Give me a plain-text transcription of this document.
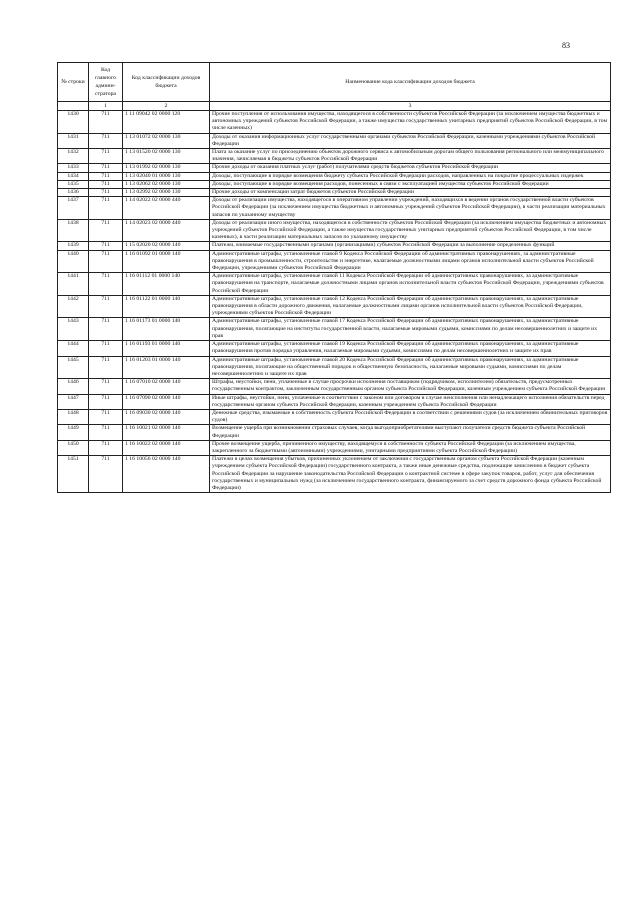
83
№ строки	Код главного админи-стратора	Код классификации доходов бюджета	Наименование кода классификации доходов бюджета
	1	2	3
1430	711	1 11 09042 02 0000 120	Прочие поступления от использования имущества, находящегося в собственности субъектов Российской Федерации (за исключением имущества бюджетных и автономных учреждений субъектов Российской Федерации, а также имущества государственных унитарных предприятий субъектов Российской Федерации, в том числе казенных)
1431	711	1 13 01072 02 0000 130	Доходы от оказания информационных услуг государственными органами субъектов Российской Федерации, казенными учреждениями субъектов Российской Федерации
1432	711	1 13 01520 02 0000 130	Плата за оказание услуг по присоединению объектов дорожного сервиса к автомобильным дорогам общего пользования регионального или межмуниципального значения, зачисляемая в бюджеты субъектов Российской Федерации
1433	711	1 13 01992 02 0000 130	Прочие доходы от оказания платных услуг (работ) получателями средств бюджетов субъектов Российской Федерации
1434	711	1 13 02040 01 0000 130	Доходы, поступающие в порядке возмещения бюджету субъекта Российской Федерации расходов, направленных на покрытие процессуальных издержек
1435	711	1 13 02062 02 0000 130	Доходы, поступающие в порядке возмещения расходов, понесенных в связи с эксплуатацией имущества субъектов Российской Федерации
1436	711	1 13 02992 02 0000 130	Прочие доходы от компенсации затрат бюджетов субъектов Российской Федерации
1437	711	1 14 02022 02 0000 440	Доходы от реализации имущества, находящегося в оперативном управлении учреждений, находящихся в ведении органов государственной власти субъектов Российской Федерации (за исключением имущества бюджетных и автономных учреждений субъектов Российской Федерации), в части реализации материальных запасов по указанному имуществу
1438	711	1 14 02023 02 0000 440	Доходы от реализации иного имущества, находящегося в собственности субъектов Российской Федерации (за исключением имущества бюджетных и автономных учреждений субъектов Российской Федерации, а также имущества государственных унитарных предприятий субъектов Российской Федерации, в том числе казенных), в части реализации материальных запасов по указанному имуществу
1439	711	1 15 02020 02 0000 140	Платежи, взимаемые государственными органами (организациями) субъектов Российской Федерации за выполнение определенных функций
1440	711	1 16 01092 01 0000 140	Административные штрафы, установленные главой 9 Кодекса Российской Федерации об административных правонарушениях, за административные правонарушения в промышленности, строительстве и энергетике, налагаемые должностными лицами органов исполнительной власти субъектов Российской Федерации, учреждениями субъектов Российской Федерации
1441	711	1 16 01112 01 0000 140	Административные штрафы, установленные главой 11 Кодекса Российской Федерации об административных правонарушениях, за административные правонарушения на транспорте, налагаемые должностными лицами органов исполнительной власти субъектов Российской Федерации, учреждениями субъектов Российской Федерации
1442	711	1 16 01122 01 0000 140	Административные штрафы, установленные главой 12 Кодекса Российской Федерации об административных правонарушениях, за административные правонарушения в области дорожного движения, налагаемые должностными лицами органов исполнительной власти субъектов Российской Федерации, учреждениями субъектов Российской Федерации
1443	711	1 16 01173 01 0000 140	Административные штрафы, установленные главой 17 Кодекса Российской Федерации об административных правонарушениях, за административные правонарушения, посягающие на институты государственной власти, налагаемые мировыми судьями, комиссиями по делам несовершеннолетних и защите их прав
1444	711	1 16 01193 01 0000 140	Административные штрафы, установленные главой 19 Кодекса Российской Федерации об административных правонарушениях, за административные правонарушения против порядка управления, налагаемые мировыми судьями, комиссиями по делам несовершеннолетних и защите их прав
1445	711	1 16 01203 01 0000 140	Административные штрафы, установленные главой 20 Кодекса Российской Федерации об административных правонарушениях, за административные правонарушения, посягающие на общественный порядок и общественную безопасность, налагаемые мировыми судьями, комиссиями по делам несовершеннолетних и защите их прав
1446	711	1 16 07010 02 0000 140	Штрафы, неустойки, пени, уплаченные в случае просрочки исполнения поставщиком (подрядчиком, исполнителем) обязательств, предусмотренных государственным контрактом, заключенным государственным органом субъекта Российской Федерации, казенным учреждением субъекта Российской Федерации
1447	711	1 16 07090 02 0000 140	Иные штрафы, неустойки, пени, уплаченные в соответствии с законом или договором в случае неисполнения или ненадлежащего исполнения обязательств перед государственным органом субъекта Российской Федерации, казенным учреждением субъекта Российской Федерации
1448	711	1 16 09030 02 0000 140	Денежные средства, изымаемые в собственность субъекта Российской Федерации в соответствии с решениями судов (за исключением обвинительных приговоров судов)
1449	711	1 16 10021 02 0000 140	Возмещение ущерба при возникновении страховых случаев, когда выгодоприобретателями выступают получатели средств бюджета субъекта Российской Федерации
1450	711	1 16 10022 02 0000 140	Прочее возмещение ущерба, причиненного имуществу, находящемуся в собственности субъекта Российской Федерации (за исключением имущества, закрепленного за бюджетными (автономными) учреждениями, унитарными предприятиями субъекта Российской Федерации)
1451	711	1 16 10056 02 0000 140	Платежи в целях возмещения убытков, причиненных уклонением от заключения с государственным органом субъекта Российской Федерации (казенным учреждением субъекта Российской Федерации) государственного контракта, а также иные денежные средства, подлежащие зачислению в бюджет субъекта Российской Федерации за нарушение законодательства Российской Федерации о контрактной системе в сфере закупок товаров, работ, услуг для обеспечения государственных и муниципальных нужд (за исключением государственного контракта, финансируемого за счет средств дорожного фонда субъекта Российской Федерации)
